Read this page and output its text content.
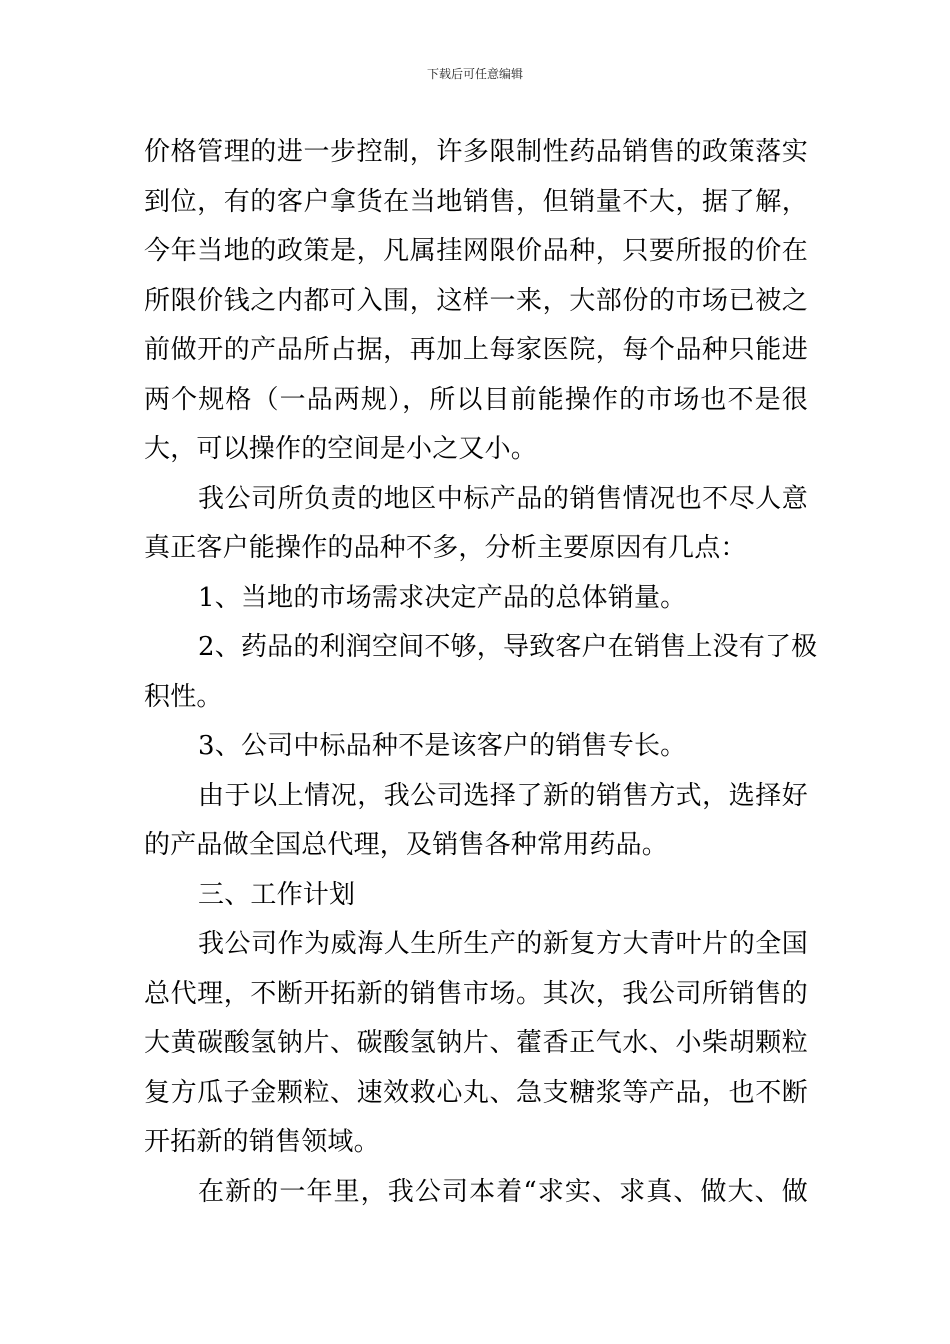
下载后可任意编辑
价格管理的进一步控制，许多限制性药品销售的政策落实
到位，有的客户拿货在当地销售，但销量不大，据了解，
今年当地的政策是，凡属挂网限价品种，只要所报的价在
所限价钱之内都可入围，这样一来，大部份的市场已被之
前做开的产品所占据，再加上每家医院，每个品种只能进
两个规格（一品两规），所以目前能操作的市场也不是很
大，可以操作的空间是小之又小。
我公司所负责的地区中标产品的销售情况也不尽人意
真正客户能操作的品种不多，分析主要原因有几点：
1、当地的市场需求决定产品的总体销量。
2、药品的利润空间不够，导致客户在销售上没有了极
积性。
3、公司中标品种不是该客户的销售专长。
由于以上情况，我公司选择了新的销售方式，选择好
的产品做全国总代理，及销售各种常用药品。
三、工作计划
我公司作为威海人生所生产的新复方大青叶片的全国
总代理，不断开拓新的销售市场。其次，我公司所销售的
大黄碳酸氢钠片、碳酸氢钠片、藿香正气水、小柴胡颗粒
复方瓜子金颗粒、速效救心丸、急支糖浆等产品，也不断
开拓新的销售领域。
在新的一年里，我公司本着“求实、求真、做大、做
